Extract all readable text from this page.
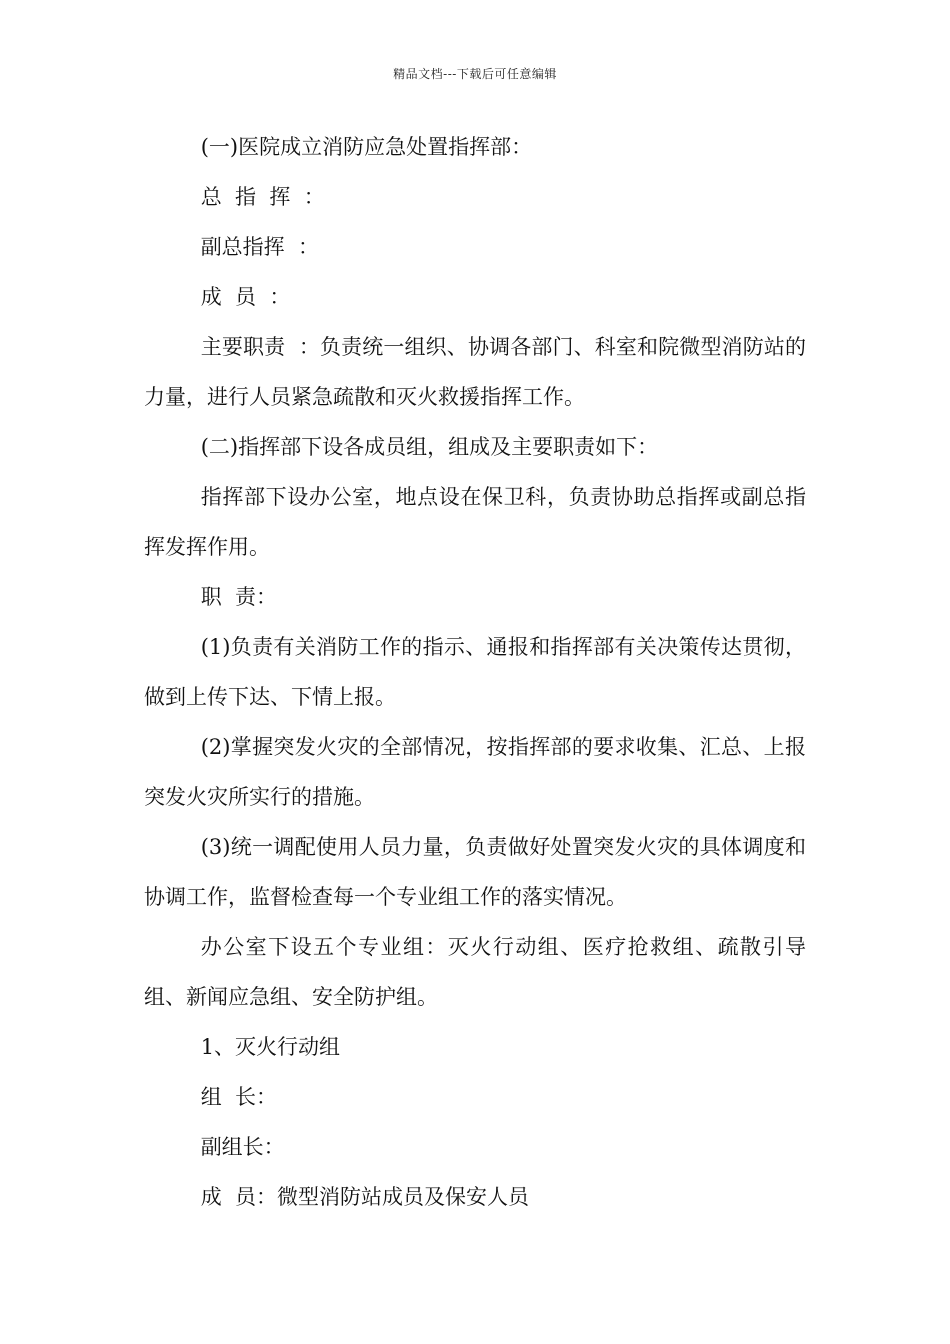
精品文档---下载后可任意编辑

(一)医院成立消防应急处置指挥部：

总  指  挥  ：

副总指挥  ：

成  员  ：

主要职责  ：负责统一组织、协调各部门、科室和院微型消防站的力量，进行人员紧急疏散和灭火救援指挥工作。

(二)指挥部下设各成员组，组成及主要职责如下：

指挥部下设办公室，地点设在保卫科，负责协助总指挥或副总指挥发挥作用。

职  责：

(1)负责有关消防工作的指示、通报和指挥部有关决策传达贯彻，做到上传下达、下情上报。

(2)掌握突发火灾的全部情况，按指挥部的要求收集、汇总、上报突发火灾所实行的措施。

(3)统一调配使用人员力量，负责做好处置突发火灾的具体调度和协调工作，监督检查每一个专业组工作的落实情况。

办公室下设五个专业组：灭火行动组、医疗抢救组、疏散引导组、新闻应急组、安全防护组。

1、灭火行动组

组  长：

副组长：

成  员：微型消防站成员及保安人员
